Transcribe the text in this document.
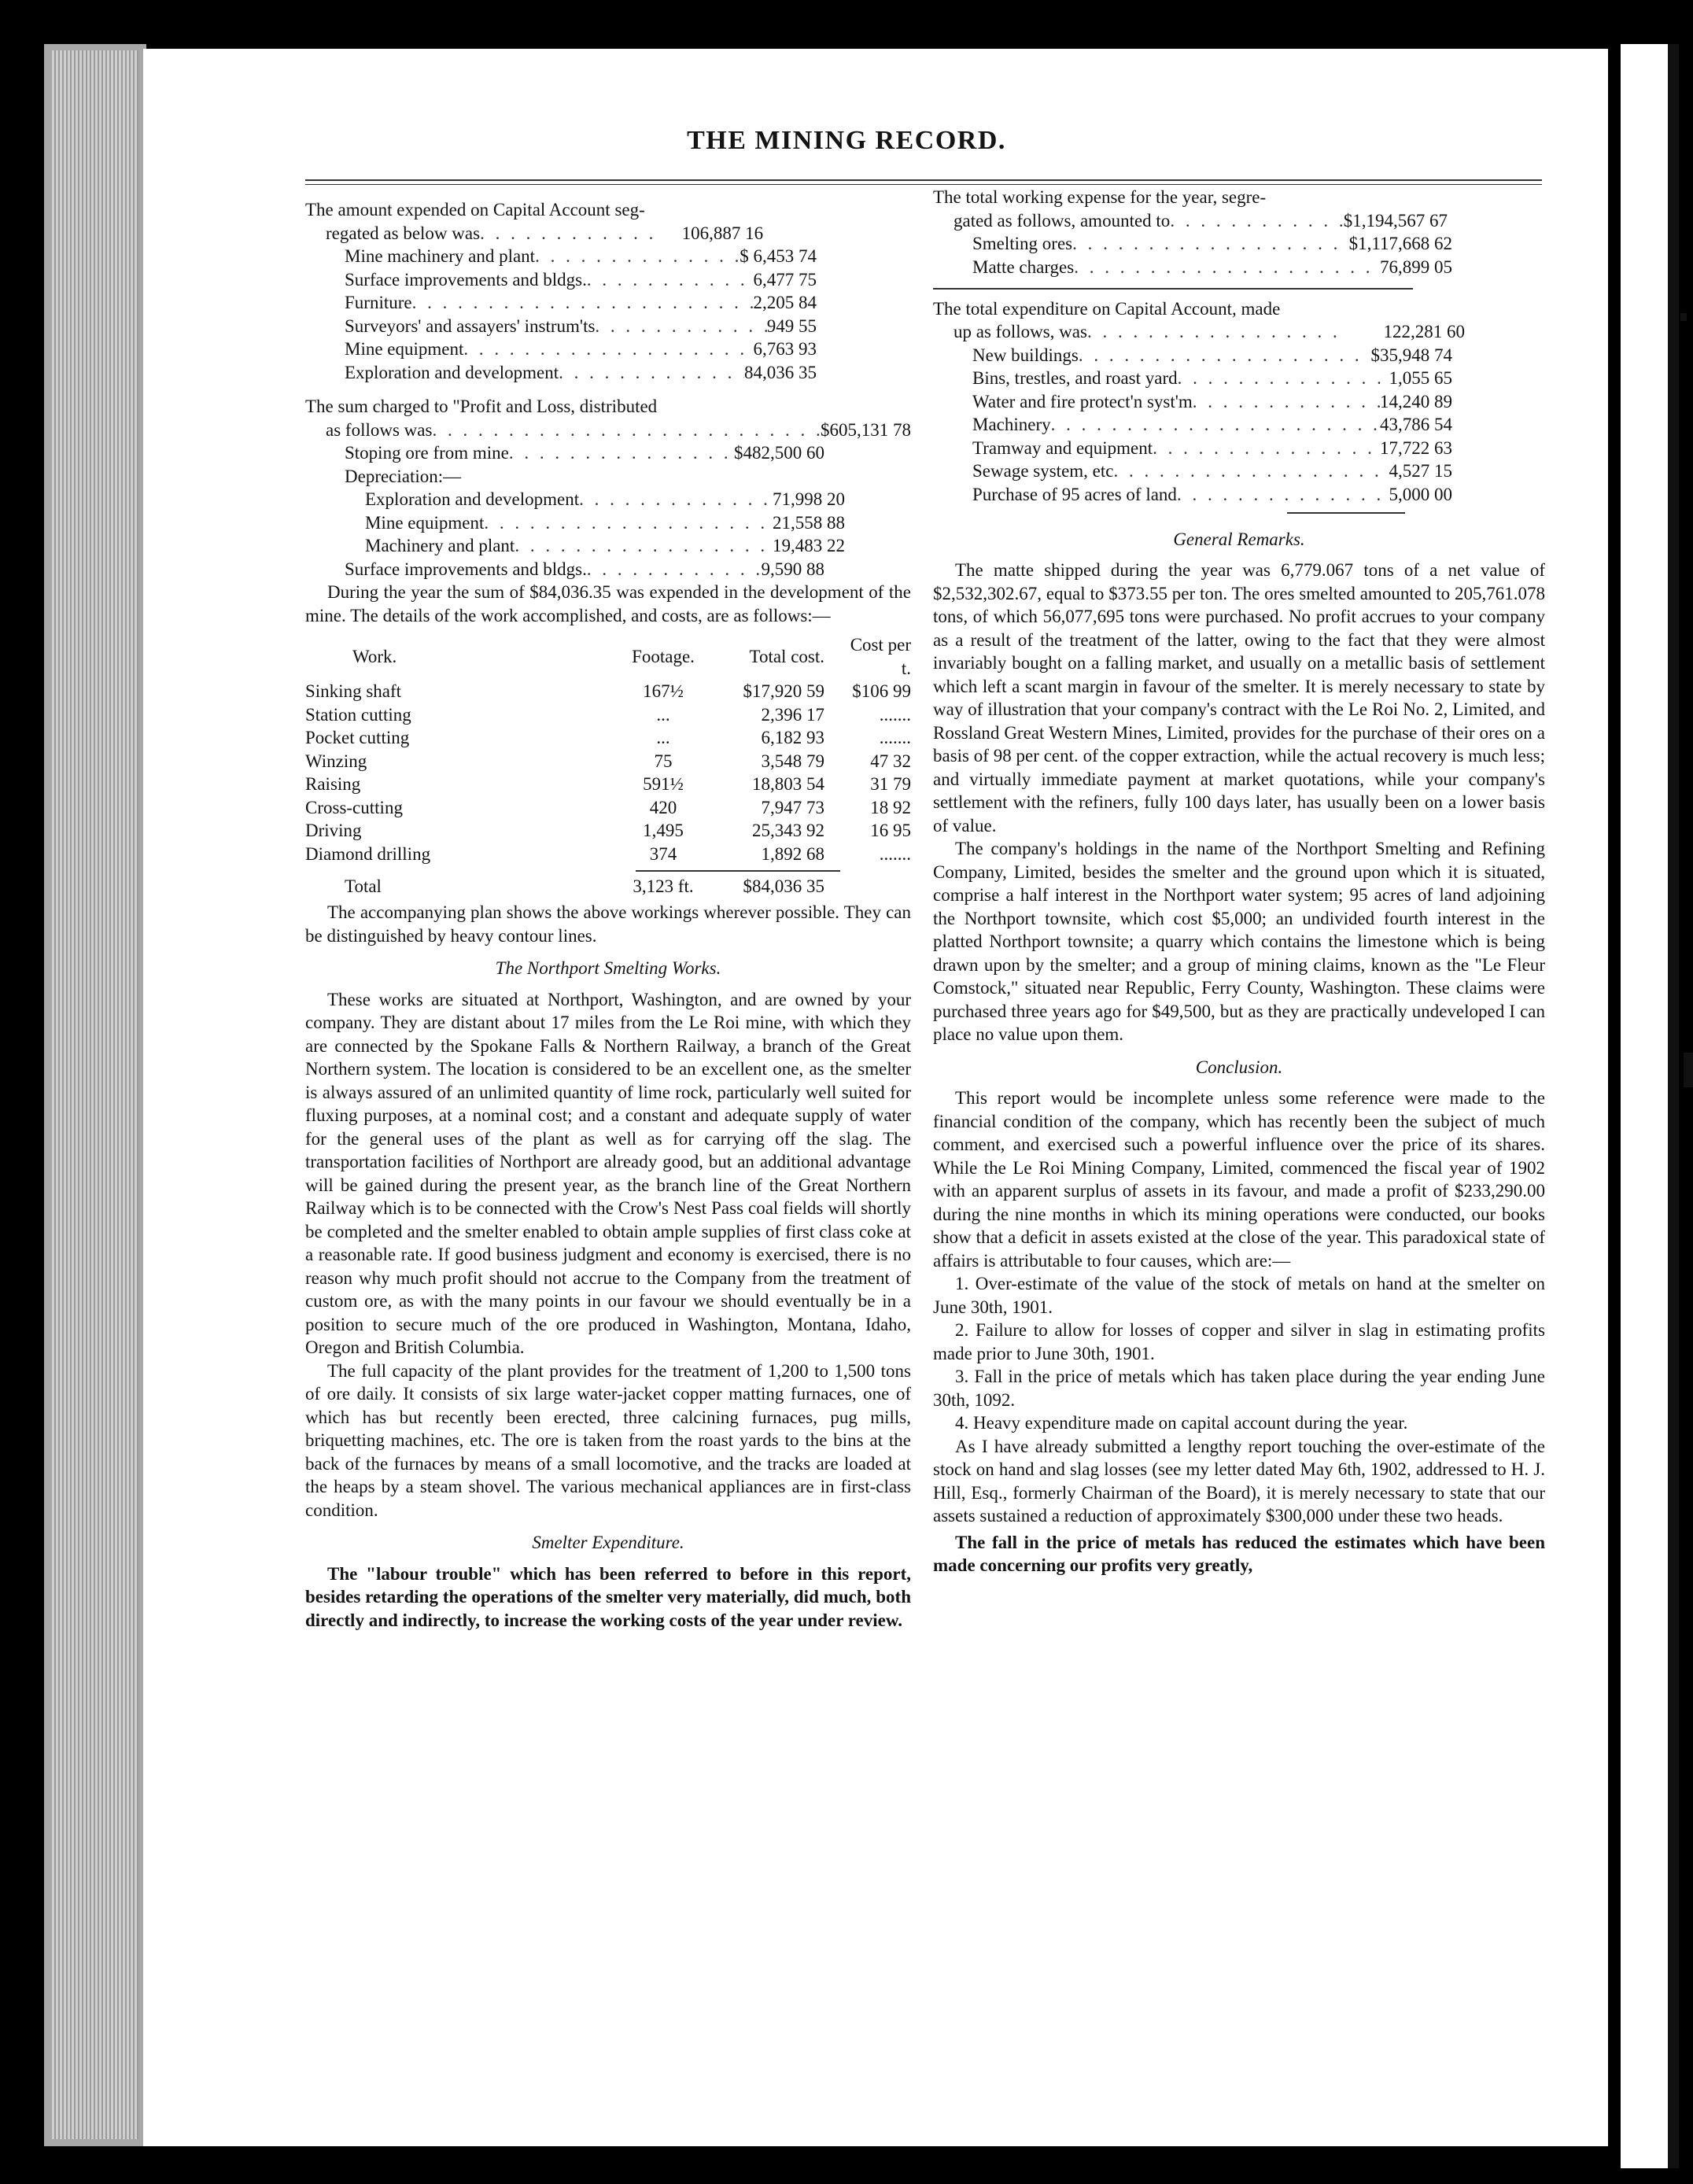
THE MINING RECORD.
The amount expended on Capital Account seg-
regated as below was . . .	106,887 16
Mine machinery and plant . . .	$ 6,453 74
Surface improvements and bldgs. . . .	6,477 75
Furniture . . .	2,205 84
Surveyors' and assayers' instrum'ts . . .	949 55
Mine equipment . . .	6,763 93
Exploration and development . . .	84,036 35
The sum charged to "Profit and Loss, distributed
as follows was . . .	$605,131 78
Stoping ore from mine . . .	$482,500 60
Depreciation:—
Exploration and development . . .	71,998 20
Mine equipment . . .	21,558 88
Machinery and plant . . .	19,483 22
Surface improvements and bldgs. . . .	9,590 88

During the year the sum of $84,036.35 was expended in the development of the mine. The details of the work accomplished, and costs, are as follows:—

Work.	Footage.	Total cost.	Cost per t.
Sinking shaft	167½	$17,920 59	$106 99
Station cutting	...	2,396 17	.......
Pocket cutting	...	6,182 93	.......
Winzing	75	3,548 79	47 32
Raising	591½	18,803 54	31 79
Cross-cutting	420	7,947 73	18 92
Driving	1,495	25,343 92	16 95
Diamond drilling	374	1,892 68	.......

Total	3,123 ft.	$84,036 35	

The accompanying plan shows the above workings wherever possible. They can be distinguished by heavy contour lines.

The Northport Smelting Works.

These works are situated at Northport, Washington, and are owned by your company. They are distant about 17 miles from the Le Roi mine, with which they are connected by the Spokane Falls & Northern Railway, a branch of the Great Northern system. The location is considered to be an excellent one, as the smelter is always assured of an unlimited quantity of lime rock, particularly well suited for fluxing purposes, at a nominal cost; and a constant and adequate supply of water for the general uses of the plant as well as for carrying off the slag. The transportation facilities of Northport are already good, but an additional advantage will be gained during the present year, as the branch line of the Great Northern Railway which is to be connected with the Crow's Nest Pass coal fields will shortly be completed and the smelter enabled to obtain ample supplies of first class coke at a reasonable rate. If good business judgment and economy is exercised, there is no reason why much profit should not accrue to the Company from the treatment of custom ore, as with the many points in our favour we should eventually be in a position to secure much of the ore produced in Washington, Montana, Idaho, Oregon and British Columbia.

The full capacity of the plant provides for the treatment of 1,200 to 1,500 tons of ore daily. It consists of six large water-jacket copper matting furnaces, one of which has but recently been erected, three calcining furnaces, pug mills, briquetting machines, etc. The ore is taken from the roast yards to the bins at the back of the furnaces by means of a small locomotive, and the tracks are loaded at the heaps by a steam shovel. The various mechanical appliances are in first-class condition.

Smelter Expenditure.

The "labour trouble" which has been referred to before in this report, besides retarding the operations of the smelter very materially, did much, both directly and indirectly, to increase the working costs of the year under review.

The total working expense for the year, segre-
gated as follows, amounted to . . .	$1,194,567 67
Smelting ores . . .	$1,117,668 62
Matte charges . . .	76,899 05
The total expenditure on Capital Account, made
up as follows, was . . .	122,281 60
New buildings . . .	$35,948 74
Bins, trestles, and roast yard . . .	1,055 65
Water and fire protect'n syst'm . . .	14,240 89
Machinery . . .	43,786 54
Tramway and equipment . . .	17,722 63
Sewage system, etc . . .	4,527 15
Purchase of 95 acres of land . . .	5,000 00
General Remarks.

The matte shipped during the year was 6,779.067 tons of a net value of $2,532,302.67, equal to $373.55 per ton. The ores smelted amounted to 205,761.078 tons, of which 56,077,695 tons were purchased. No profit accrues to your company as a result of the treatment of the latter, owing to the fact that they were almost invariably bought on a falling market, and usually on a metallic basis of settlement which left a scant margin in favour of the smelter. It is merely necessary to state by way of illustration that your company's contract with the Le Roi No. 2, Limited, and Rossland Great Western Mines, Limited, provides for the purchase of their ores on a basis of 98 per cent. of the copper extraction, while the actual recovery is much less; and virtually immediate payment at market quotations, while your company's settlement with the refiners, fully 100 days later, has usually been on a lower basis of value.

The company's holdings in the name of the Northport Smelting and Refining Company, Limited, besides the smelter and the ground upon which it is situated, comprise a half interest in the Northport water system; 95 acres of land adjoining the Northport townsite, which cost $5,000; an undivided fourth interest in the platted Northport townsite; a quarry which contains the limestone which is being drawn upon by the smelter; and a group of mining claims, known as the "Le Fleur Comstock," situated near Republic, Ferry County, Washington. These claims were purchased three years ago for $49,500, but as they are practically undeveloped I can place no value upon them.

Conclusion.

This report would be incomplete unless some reference were made to the financial condition of the company, which has recently been the subject of much comment, and exercised such a powerful influence over the price of its shares. While the Le Roi Mining Company, Limited, commenced the fiscal year of 1902 with an apparent surplus of assets in its favour, and made a profit of $233,290.00 during the nine months in which its mining operations were conducted, our books show that a deficit in assets existed at the close of the year. This paradoxical state of affairs is attributable to four causes, which are:—

1. Over-estimate of the value of the stock of metals on hand at the smelter on June 30th, 1901.

2. Failure to allow for losses of copper and silver in slag in estimating profits made prior to June 30th, 1901.

3. Fall in the price of metals which has taken place during the year ending June 30th, 1092.

4. Heavy expenditure made on capital account during the year.

As I have already submitted a lengthy report touching the over-estimate of the stock on hand and slag losses (see my letter dated May 6th, 1902, addressed to H. J. Hill, Esq., formerly Chairman of the Board), it is merely necessary to state that our assets sustained a reduction of approximately $300,000 under these two heads.

The fall in the price of metals has reduced the estimates which have been made concerning our profits very greatly,
